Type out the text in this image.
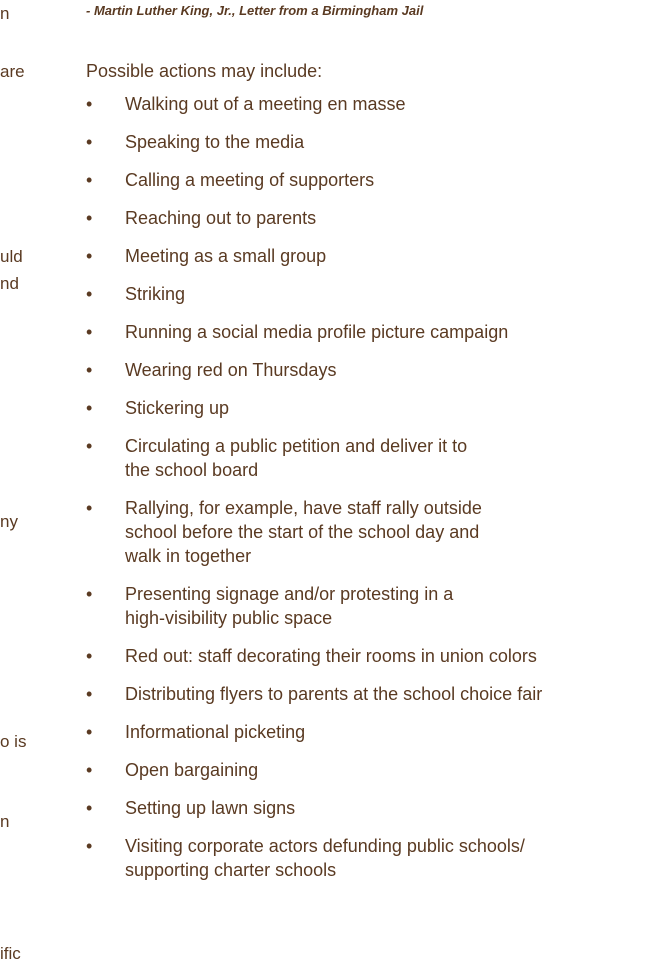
n
are
uld
nd
ny
o is
n
ific
- Martin Luther King, Jr., Letter from a Birmingham Jail
Possible actions may include:
•	Walking out of a meeting en masse
•	Speaking to the media
•	Calling a meeting of supporters
•	Reaching out to parents
•	Meeting as a small group
•	Striking
•	Running a social media profile picture campaign
•	Wearing red on Thursdays
•	Stickering up
•	Circulating a public petition and deliver it to
the school board
•	Rallying, for example, have staff rally outside
school before the start of the school day and
walk in together
•	Presenting signage and/or protesting in a
high-visibility public space
•	Red out: staff decorating their rooms in union colors
•	Distributing flyers to parents at the school choice fair
•	Informational picketing
•	Open bargaining
•	Setting up lawn signs
•	Visiting corporate actors defunding public schools/
supporting charter schools
